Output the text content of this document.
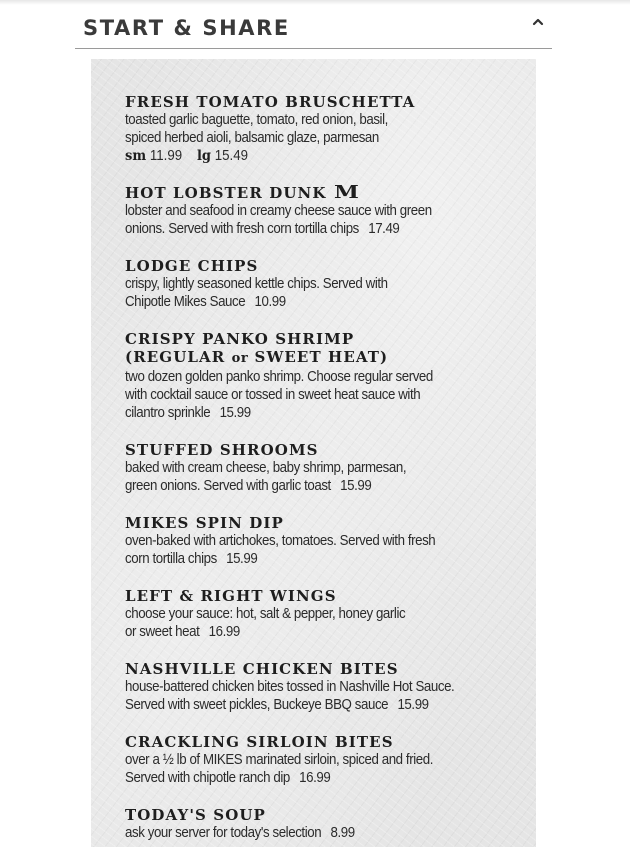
START & SHARE
FRESH TOMATO BRUSCHETTA
toasted garlic baguette, tomato, red onion, basil,
spiced herbed aioli, balsamic glaze, parmesan
sm 11.99 lg 15.49
HOT LOBSTER DUNK M
lobster and seafood in creamy cheese sauce with green
onions. Served with fresh corn tortilla chips 17.49
LODGE CHIPS
crispy, lightly seasoned kettle chips. Served with
Chipotle Mikes Sauce 10.99
CRISPY PANKO SHRIMP
(REGULAR or SWEET HEAT)
two dozen golden panko shrimp. Choose regular served
with cocktail sauce or tossed in sweet heat sauce with
cilantro sprinkle 15.99
STUFFED SHROOMS
baked with cream cheese, baby shrimp, parmesan,
green onions. Served with garlic toast 15.99
MIKES SPIN DIP
oven-baked with artichokes, tomatoes. Served with fresh
corn tortilla chips 15.99
LEFT & RIGHT WINGS
choose your sauce: hot, salt & pepper, honey garlic
or sweet heat 16.99
NASHVILLE CHICKEN BITES
house-battered chicken bites tossed in Nashville Hot Sauce.
Served with sweet pickles, Buckeye BBQ sauce 15.99
CRACKLING SIRLOIN BITES
over a ½ lb of MIKES marinated sirloin, spiced and fried.
Served with chipotle ranch dip 16.99
TODAY'S SOUP
ask your server for today's selection 8.99
